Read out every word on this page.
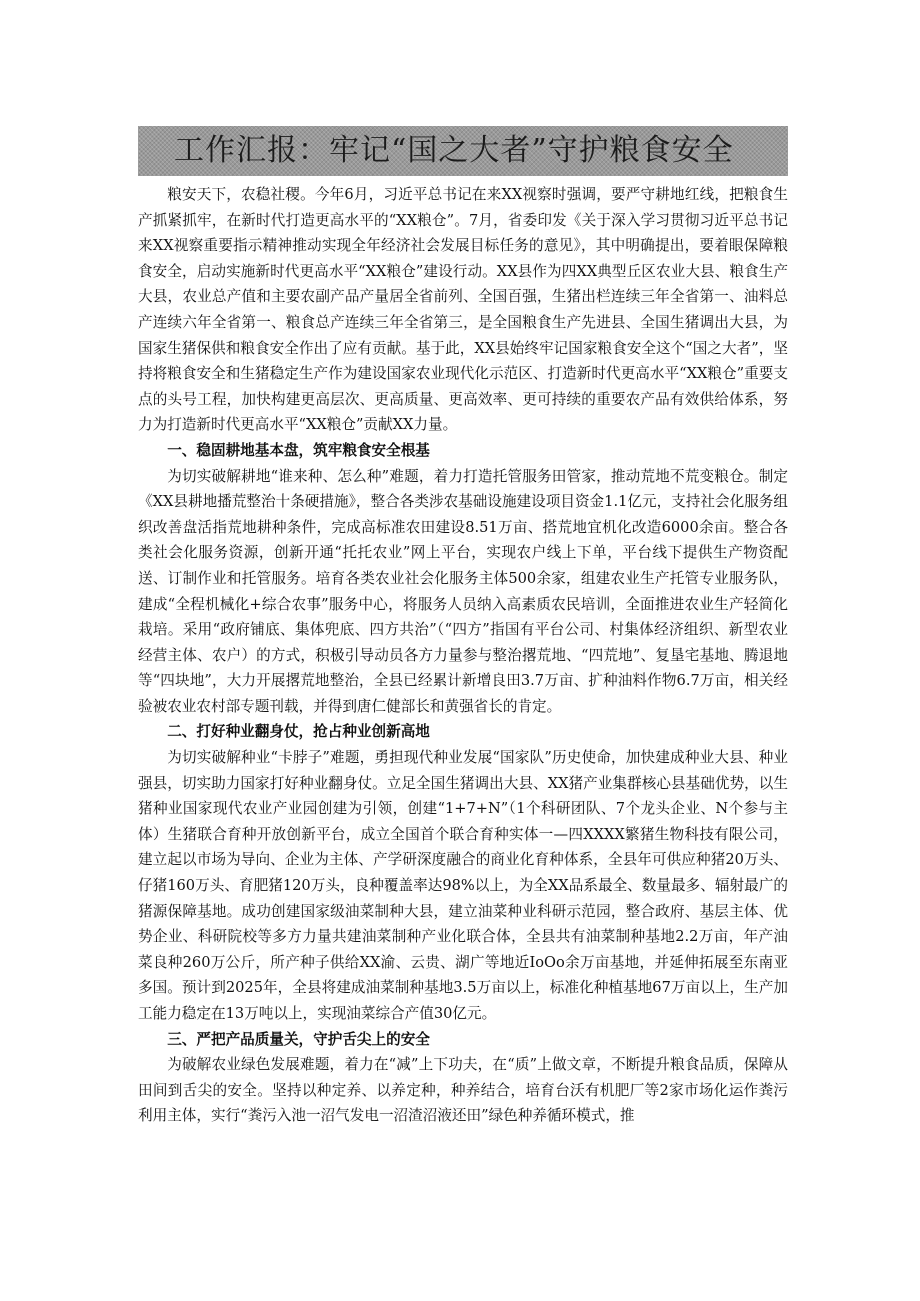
工作汇报：牢记“国之大者”守护粮食安全

粮安天下，农稳社稷。今年6月，习近平总书记在来XX视察时强调，要严守耕地红线，把粮食生产抓紧抓牢，在新时代打造更高水平的“XX粮仓”。7月，省委印发《关于深入学习贯彻习近平总书记来XX视察重要指示精神推动实现全年经济社会发展目标任务的意见》，其中明确提出，要着眼保障粮食安全，启动实施新时代更高水平“XX粮仓”建设行动。XX县作为四XX典型丘区农业大县、粮食生产大县，农业总产值和主要农副产品产量居全省前列、全国百强，生猪出栏连续三年全省第一、油料总产连续六年全省第一、粮食总产连续三年全省第三，是全国粮食生产先进县、全国生猪调出大县，为国家生猪保供和粮食安全作出了应有贡献。基于此，XX县始终牢记国家粮食安全这个“国之大者”，坚持将粮食安全和生猪稳定生产作为建设国家农业现代化示范区、打造新时代更高水平“XX粮仓”重要支点的头号工程，加快构建更高层次、更高质量、更高效率、更可持续的重要农产品有效供给体系，努力为打造新时代更高水平“XX粮仓”贡献XX力量。

一、稳固耕地基本盘，筑牢粮食安全根基

为切实破解耕地“谁来种、怎么种”难题，着力打造托管服务田管家，推动荒地不荒变粮仓。制定《XX县耕地播荒整治十条硬措施》，整合各类涉农基础设施建设项目资金1.1亿元，支持社会化服务组织改善盘活指荒地耕种条件，完成高标准农田建设8.51万亩、搭荒地宜机化改造6000余亩。整合各类社会化服务资源，创新开通“托托农业”网上平台，实现农户线上下单，平台线下提供生产物资配送、订制作业和托管服务。培育各类农业社会化服务主体500余家，组建农业生产托管专业服务队，建成“全程机械化+综合农事”服务中心，将服务人员纳入高素质农民培训，全面推进农业生产轻简化栽培。采用“政府铺底、集体兜底、四方共治”（“四方”指国有平台公司、村集体经济组织、新型农业经营主体、农户）的方式，积极引导动员各方力量参与整治撂荒地、“四荒地”、复垦宅基地、腾退地等“四块地”，大力开展撂荒地整治，全县已经累计新增良田3.7万亩、扩种油料作物6.7万亩，相关经验被农业农村部专题刊载，并得到唐仁健部长和黄强省长的肯定。

二、打好种业翻身仗，抢占种业创新高地

为切实破解种业“卡脖子”难题，勇担现代种业发展“国家队”历史使命，加快建成种业大县、种业强县，切实助力国家打好种业翻身仗。立足全国生猪调出大县、XX猪产业集群核心县基础优势，以生猪种业国家现代农业产业园创建为引领，创建“1+7+N”（1个科研团队、7个龙头企业、N个参与主体）生猪联合育种开放创新平台，成立全国首个联合育种实体一—四XXXX繁猪生物科技有限公司，建立起以市场为导向、企业为主体、产学研深度融合的商业化育种体系，全县年可供应种猪20万头、仔猪160万头、育肥猪120万头，良种覆盖率达98%以上，为全XX品系最全、数量最多、辐射最广的猪源保障基地。成功创建国家级油菜制种大县，建立油菜种业科研示范园，整合政府、基层主体、优势企业、科研院校等多方力量共建油菜制种产业化联合体，全县共有油菜制种基地2.2万亩，年产油菜良种260万公斤，所产种子供给XX渝、云贵、湖广等地近IoOo余万亩基地，并延伸拓展至东南亚多国。预计到2025年，全县将建成油菜制种基地3.5万亩以上，标准化种植基地67万亩以上，生产加工能力稳定在13万吨以上，实现油菜综合产值30亿元。

三、严把产品质量关，守护舌尖上的安全

为破解农业绿色发展难题，着力在“减”上下功夫，在“质”上做文章，不断提升粮食品质，保障从田间到舌尖的安全。坚持以种定养、以养定种，种养结合，培育台沃有机肥厂等2家市场化运作粪污利用主体，实行“粪污入池一沼气发电一沼渣沼液还田”绿色种养循环模式，推
